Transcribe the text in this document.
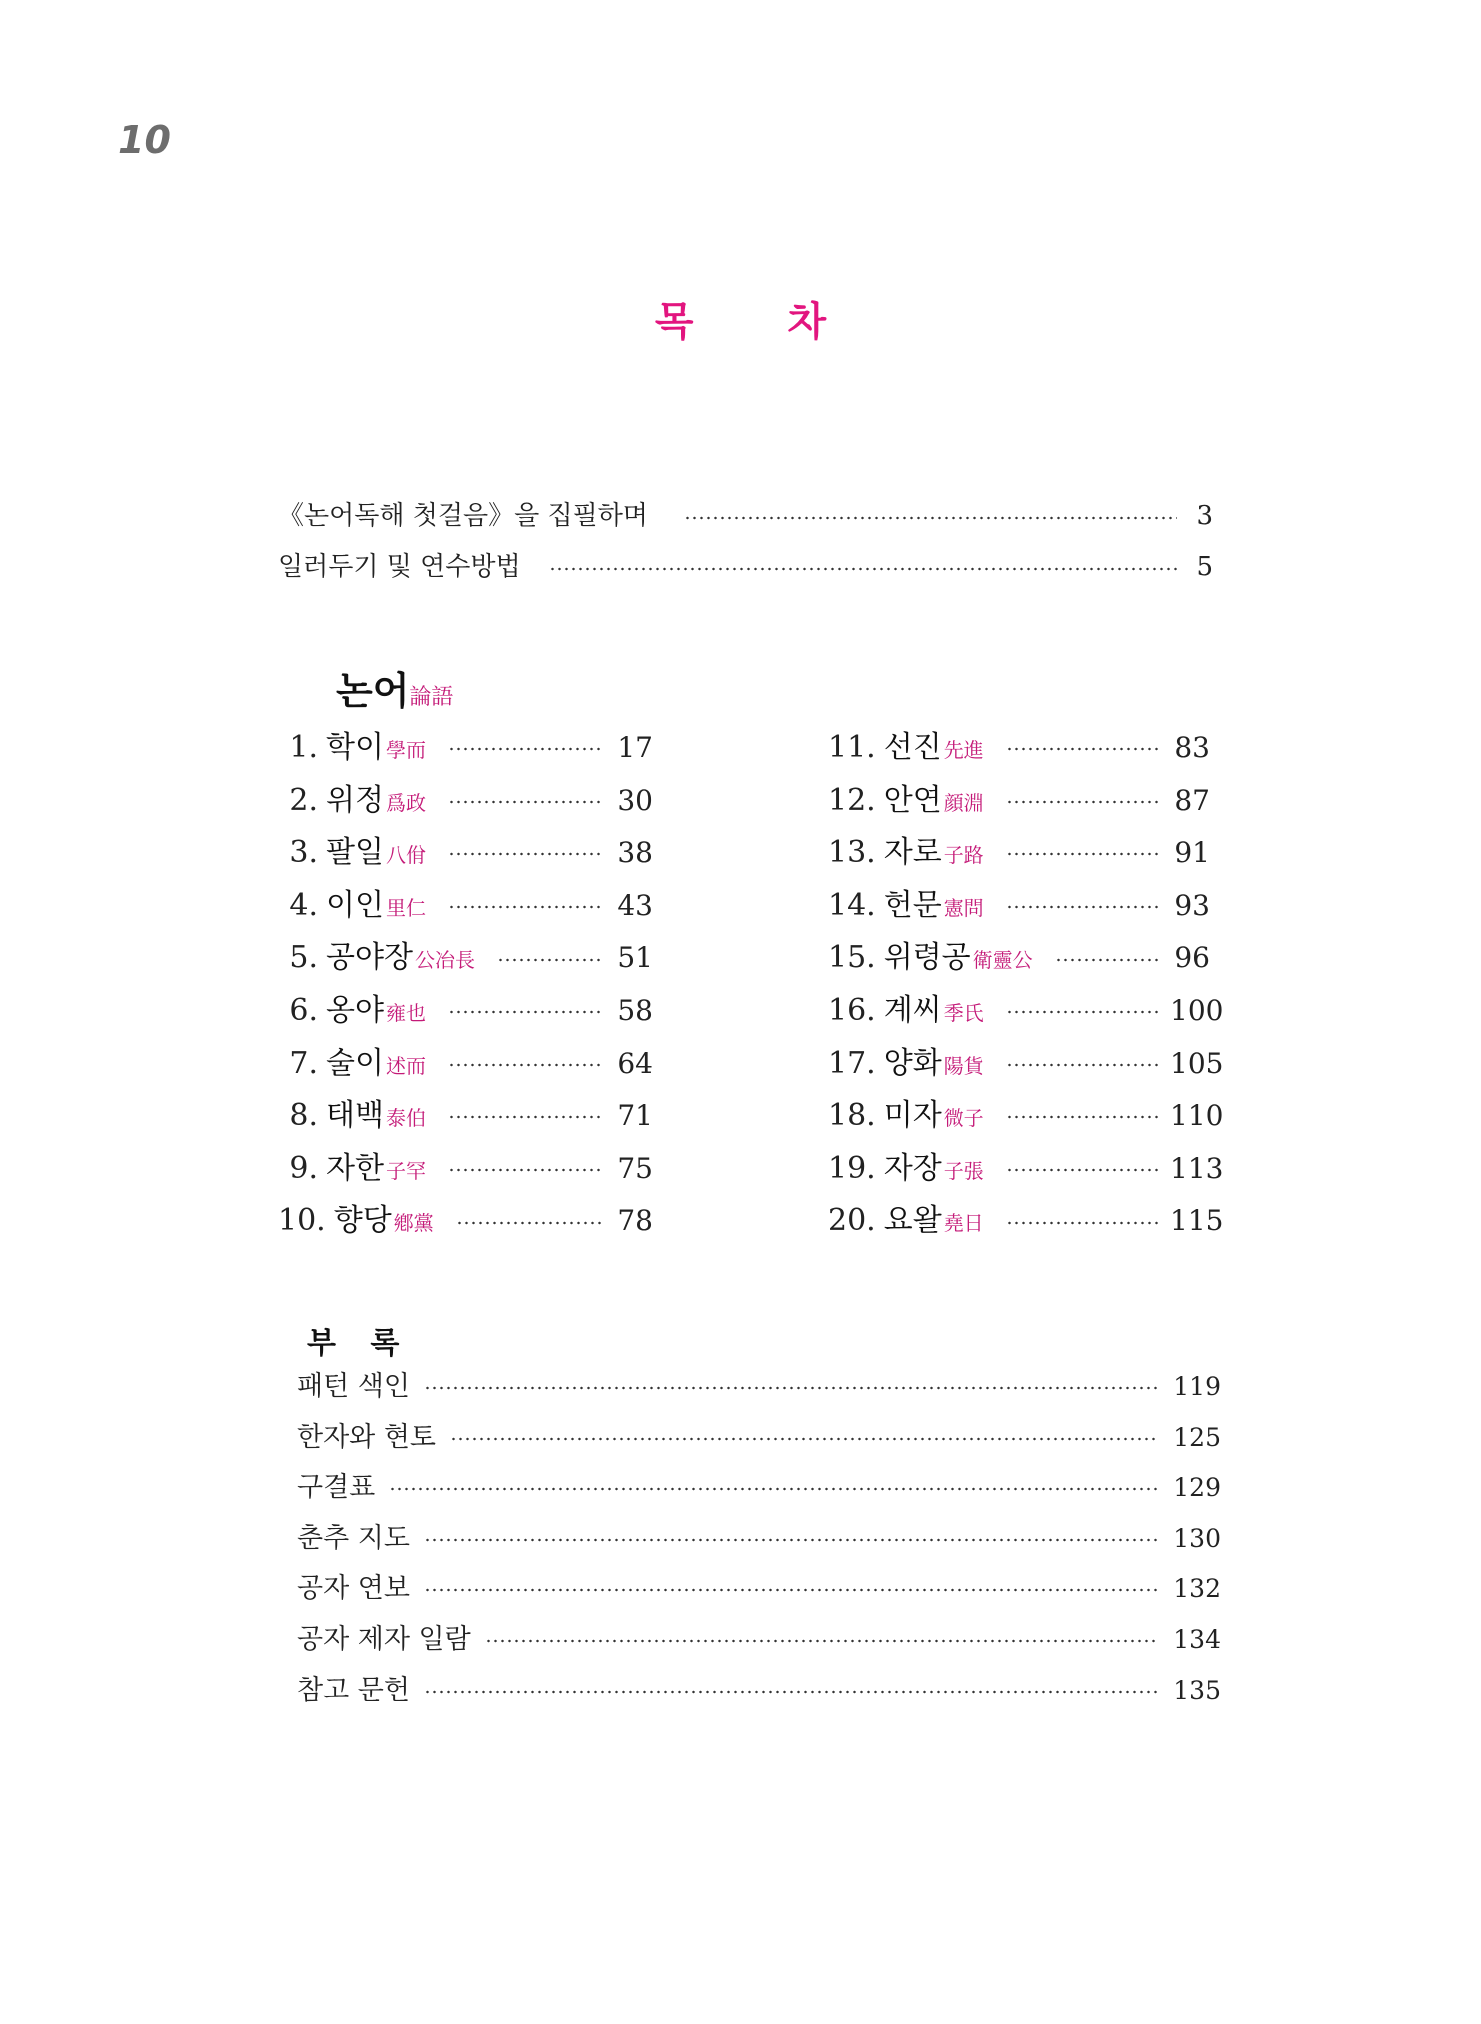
10
목 차
《논어독해 첫걸음》을 집필하며	3
일러두기 및 연수방법	5
논어論語
1. 학이 學而	17
2. 위정 爲政	30
3. 팔일 八佾	38
4. 이인 里仁	43
5. 공야장 公冶長	51
6. 옹야 雍也	58
7. 술이 述而	64
8. 태백 泰伯	71
9. 자한 子罕	75
10. 향당 鄕黨	78
11. 선진 先進	83
12. 안연 顔淵	87
13. 자로 子路	91
14. 헌문 憲問	93
15. 위령공 衛靈公	96
16. 계씨 季氏	100
17. 양화 陽貨	105
18. 미자 微子	110
19. 자장 子張	113
20. 요왈 堯日	115
부 록
패턴 색인	119
한자와 현토	125
구결표	129
춘추 지도	130
공자 연보	132
공자 제자 일람	134
참고 문헌	135
